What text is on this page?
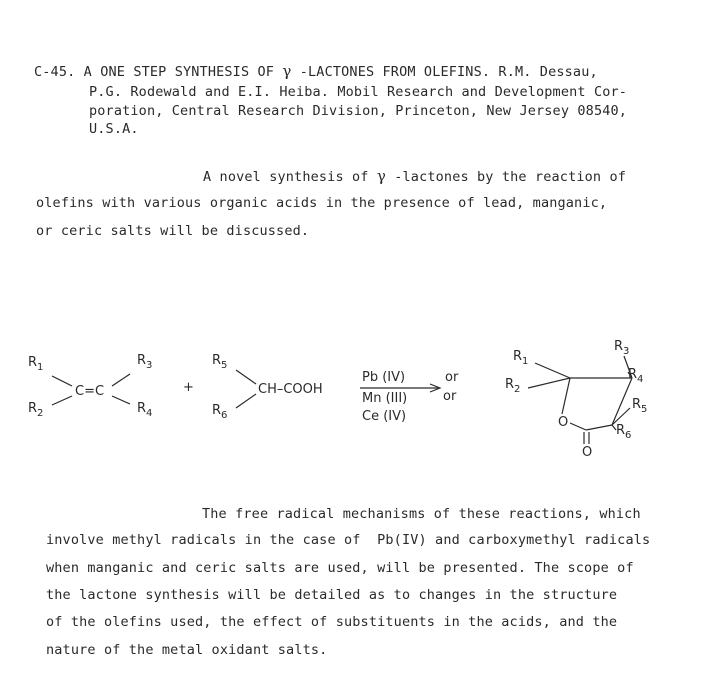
C-45. A ONE STEP SYNTHESIS OF γ -LACTONES FROM OLEFINS. R.M. Dessau,
P.G. Rodewald and E.I. Heiba. Mobil Research and Development Cor-
poration, Central Research Division, Princeton, New Jersey 08540,
U.S.A.
A novel synthesis of γ -lactones by the reaction of
olefins with various organic acids in the presence of lead, manganic,
or ceric salts will be discussed.
$R_1$
$R_2$
$R_3$
$R_4$
C=C	+
$R_5$
$R_6$
CH–COOH
Pb (IV)	or
Mn (III)	or
Ce (IV)
$R_1$
$R_2$
$R_3$
$R_4$
$R_5$
$R_6$
O
O
The free radical mechanisms of these reactions, which
involve methyl radicals in the case of  Pb(IV) and carboxymethyl radicals
when manganic and ceric salts are used, will be presented. The scope of
the lactone synthesis will be detailed as to changes in the structure
of the olefins used, the effect of substituents in the acids, and the
nature of the metal oxidant salts.
